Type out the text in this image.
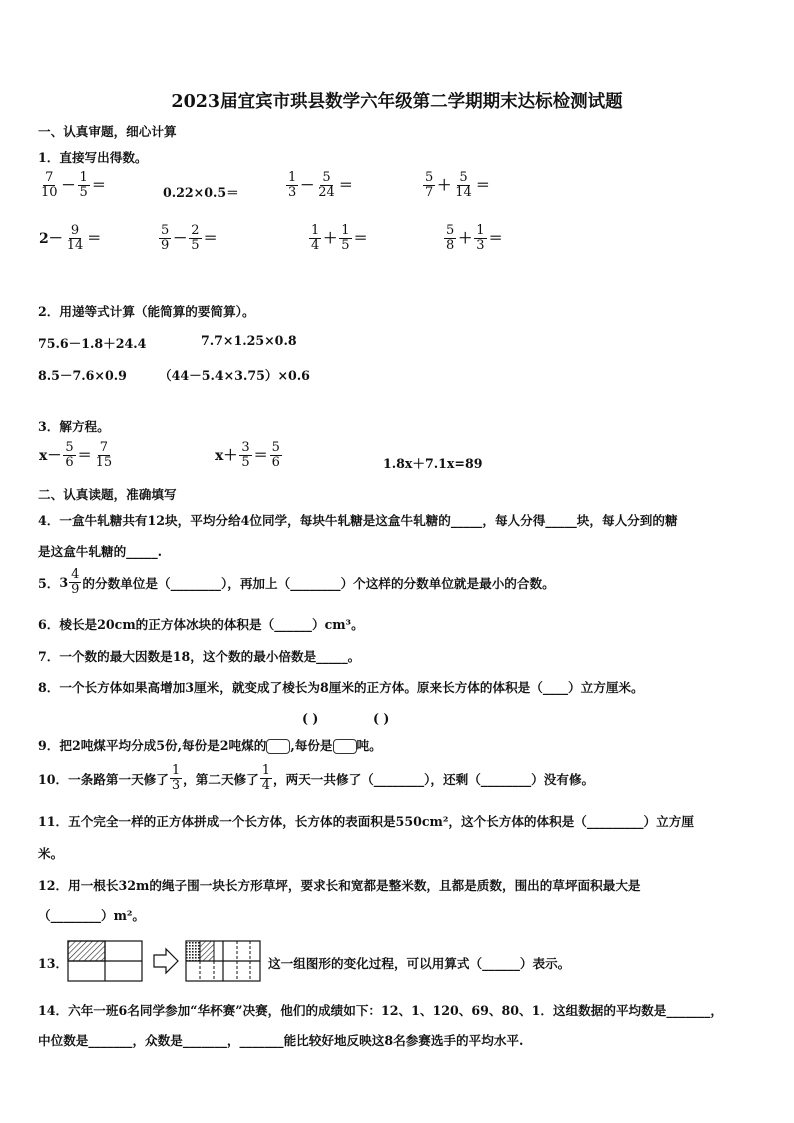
2023届宜宾市珙县数学六年级第二学期期末达标检测试题
一、认真审题，细心计算
1．直接写出得数。
$\frac{7}{10} - \frac{1}{5}$ ＝	0.22×0.5＝	$\frac{1}{3} - \frac{5}{24}$ ＝	$\frac{5}{7} + \frac{5}{14}$ ＝
$2- \frac{9}{14}$ ＝	$\frac{5}{9} - \frac{2}{5}$ ＝	$\frac{1}{4} + \frac{1}{5}$ ＝	$\frac{5}{8} + \frac{1}{3}$ ＝
2．用递等式计算（能简算的要简算）。
75.6－1.8＋24.4	7.7×1.25×0.8
8.5－7.6×0.9	（44－5.4×3.75）×0.6
3．解方程。
$x- \frac{5}{6} = \frac{7}{15}$	$x+ \frac{3}{5} = \frac{5}{6}$	1.8x＋7.1x=89
二、认真读题，准确填写
4．一盒牛轧糖共有12块，平均分给4位同学，每块牛轧糖是这盒牛轧糖的_____，每人分得_____块，每人分到的糖
是这盒牛轧糖的_____.
5． $3 \frac{4}{9}$ 的分数单位是（________），再加上（________）个这样的分数单位就是最小的合数。
6．棱长是20cm的正方体冰块的体积是（______）cm³。
7．一个数的最大因数是18，这个数的最小倍数是_____。
8．一个长方体如果高增加3厘米，就变成了棱长为8厘米的正方体。原来长方体的体积是（____）立方厘米。
( )	( )
9．把2吨煤平均分成5份,每份是2吨煤的 ,每份是 吨。
10．一条路第一天修了 $\frac{1}{3}$ ，第二天修了 $\frac{1}{4}$ ，两天一共修了（________），还剩（________）没有修。
11．五个完全一样的正方体拼成一个长方体，长方体的表面积是550cm²，这个长方体的体积是（_________）立方厘
米。
12．用一根长32m的绳子围一块长方形草坪，要求长和宽都是整米数，且都是质数，围出的草坪面积最大是
（________）m²。
13．	这一组图形的变化过程，可以用算式（______）表示。
14．六年一班6名同学参加“华杯赛”决赛，他们的成绩如下：12、1、120、69、80、1．这组数据的平均数是_______，
中位数是_______，众数是_______，_______能比较好地反映这8名参赛选手的平均水平.
